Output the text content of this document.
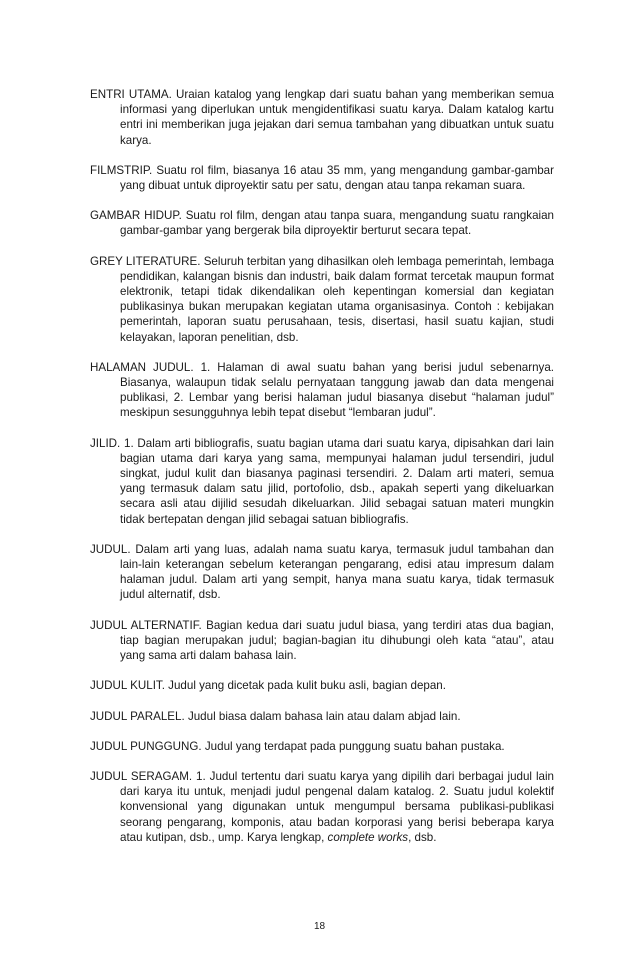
ENTRI UTAMA. Uraian katalog yang lengkap dari suatu bahan yang memberikan semua informasi yang diperlukan untuk mengidentifikasi suatu karya. Dalam katalog kartu entri ini memberikan juga jejakan dari semua tambahan yang dibuatkan untuk suatu karya.

FILMSTRIP. Suatu rol film, biasanya 16 atau 35 mm, yang mengandung gambar-gambar yang dibuat untuk diproyektir satu per satu, dengan atau tanpa rekaman suara.

GAMBAR HIDUP. Suatu rol film, dengan atau tanpa suara, mengandung suatu rangkaian gambar-gambar yang bergerak bila diproyektir berturut secara tepat.

GREY LITERATURE. Seluruh terbitan yang dihasilkan oleh lembaga pemerintah, lembaga pendidikan, kalangan bisnis dan industri, baik dalam format tercetak maupun format elektronik, tetapi tidak dikendalikan oleh kepentingan komersial dan kegiatan publikasinya bukan merupakan kegiatan utama organisasinya. Contoh : kebijakan pemerintah, laporan suatu perusahaan, tesis, disertasi, hasil suatu kajian, studi kelayakan, laporan penelitian, dsb.

HALAMAN JUDUL. 1. Halaman di awal suatu bahan yang berisi judul sebenarnya. Biasanya, walaupun tidak selalu pernyataan tanggung jawab dan data mengenai publikasi, 2. Lembar yang berisi halaman judul biasanya disebut “halaman judul” meskipun sesungguhnya lebih tepat disebut “lembaran judul”.

JILID. 1. Dalam arti bibliografis, suatu bagian utama dari suatu karya, dipisahkan dari lain bagian utama dari karya yang sama, mempunyai halaman judul tersendiri, judul singkat, judul kulit dan biasanya paginasi tersendiri. 2. Dalam arti materi, semua yang termasuk dalam satu jilid, portofolio, dsb., apakah seperti yang dikeluarkan secara asli atau dijilid sesudah dikeluarkan. Jilid sebagai satuan materi mungkin tidak bertepatan dengan jilid sebagai satuan bibliografis.

JUDUL. Dalam arti yang luas, adalah nama suatu karya, termasuk judul tambahan dan lain-lain keterangan sebelum keterangan pengarang, edisi atau impresum dalam halaman judul. Dalam arti yang sempit, hanya mana suatu karya, tidak termasuk judul alternatif, dsb.

JUDUL ALTERNATIF. Bagian kedua dari suatu judul biasa, yang terdiri atas dua bagian, tiap bagian merupakan judul; bagian-bagian itu dihubungi oleh kata “atau”, atau yang sama arti dalam bahasa lain.

JUDUL KULIT. Judul yang dicetak pada kulit buku asli, bagian depan.

JUDUL PARALEL. Judul biasa dalam bahasa lain atau dalam abjad lain.

JUDUL PUNGGUNG. Judul yang terdapat pada punggung suatu bahan pustaka.

JUDUL SERAGAM. 1. Judul tertentu dari suatu karya yang dipilih dari berbagai judul lain dari karya itu untuk, menjadi judul pengenal dalam katalog. 2. Suatu judul kolektif konvensional yang digunakan untuk mengumpul bersama publikasi-publikasi seorang pengarang, komponis, atau badan korporasi yang berisi beberapa karya atau kutipan, dsb., ump. Karya lengkap, complete works, dsb.

18
